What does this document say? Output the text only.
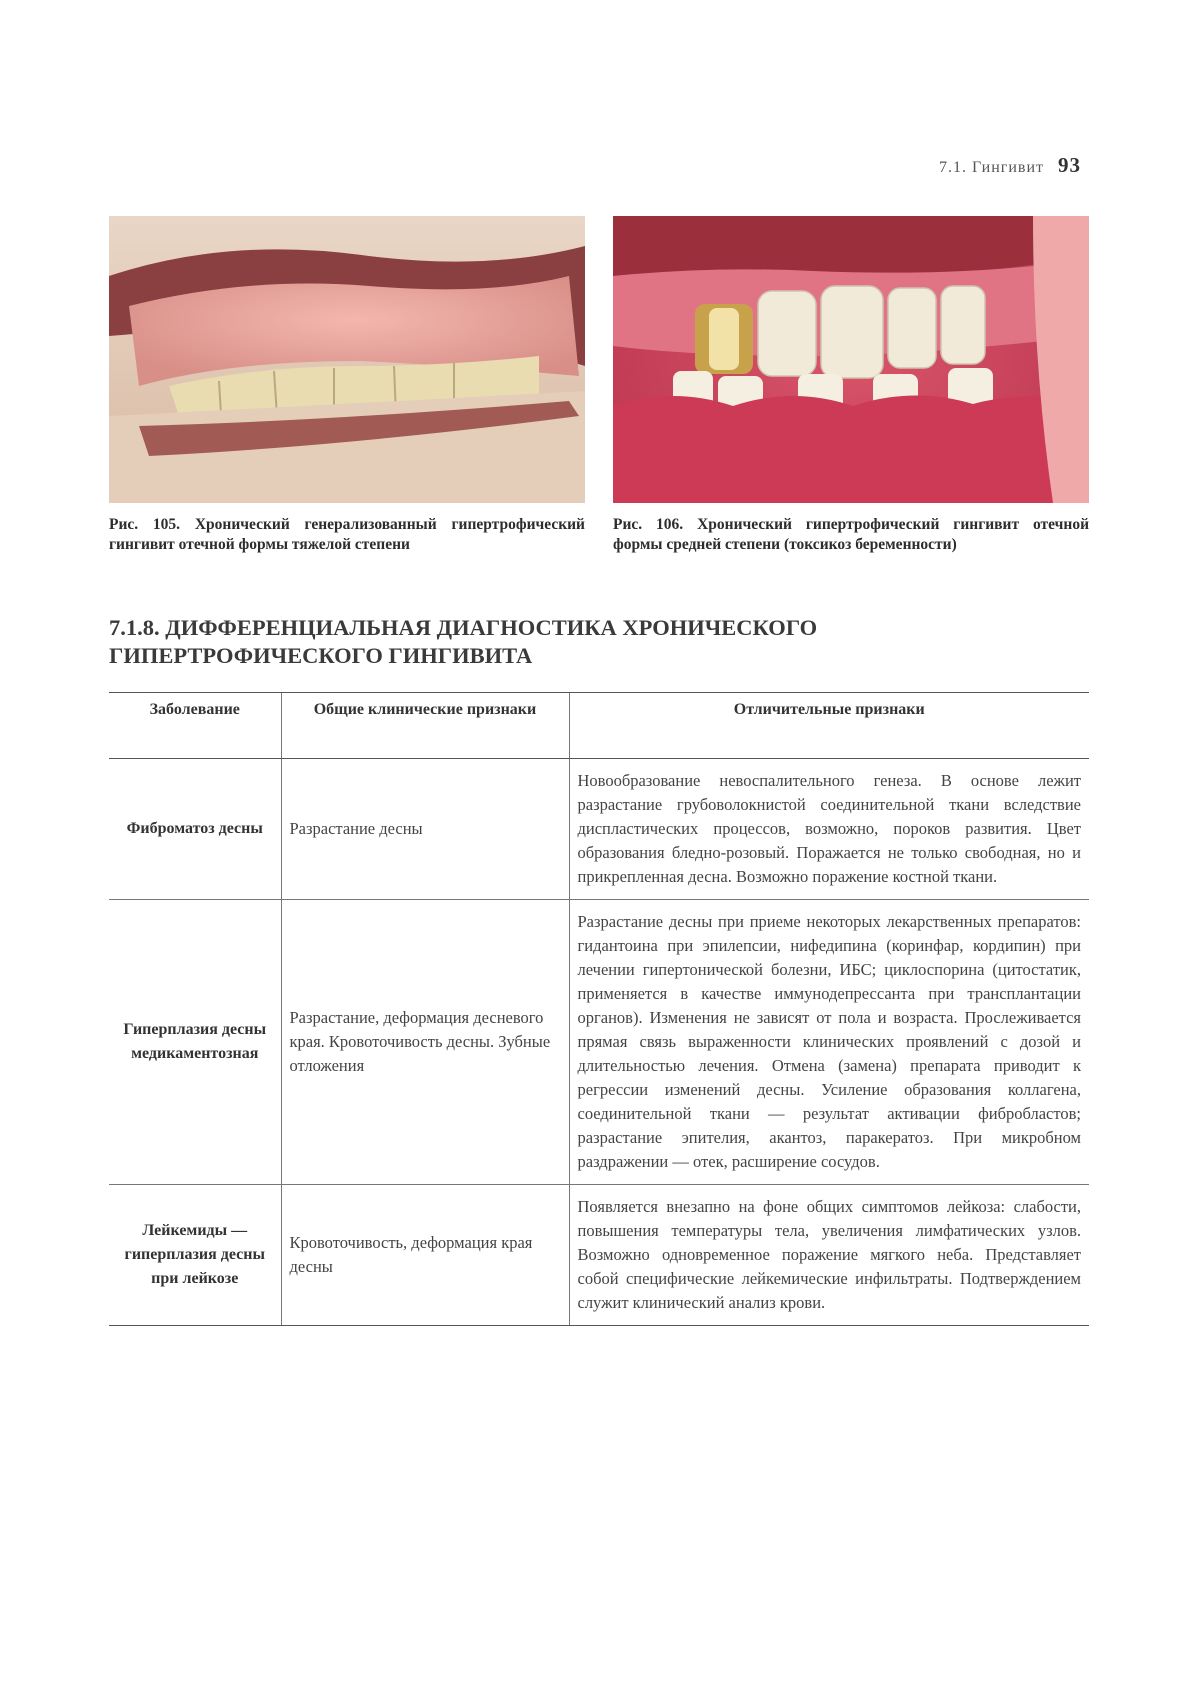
7.1. Гингивит 93
Рис. 105. Хронический генерализованный гипертрофический гингивит отечной формы тяжелой степени
Рис. 106. Хронический гипертрофический гингивит отечной формы средней степени (токсикоз беременности)
7.1.8. ДИФФЕРЕНЦИАЛЬНАЯ ДИАГНОСТИКА ХРОНИЧЕСКОГО ГИПЕРТРОФИЧЕСКОГО ГИНГИВИТА
Заболевание	Общие клинические признаки	Отличительные признаки
Фиброматоз десны	Разрастание десны	Новообразование невоспалительного генеза. В основе лежит разрастание грубоволокнистой соединительной ткани вследствие диспластических процессов, возможно, пороков развития. Цвет образования бледно-розовый. Поражается не только свободная, но и прикрепленная десна. Возможно поражение костной ткани.
Гиперплазия десны медикаментозная	Разрастание, деформация десневого края. Кровоточивость десны. Зубные отложения	Разрастание десны при приеме некоторых лекарственных препаратов: гидантоина при эпилепсии, нифедипина (коринфар, кордипин) при лечении гипертонической болезни, ИБС; циклоспорина (цитостатик, применяется в качестве иммунодепрессанта при трансплантации органов). Изменения не зависят от пола и возраста. Прослеживается прямая связь выраженности клинических проявлений с дозой и длительностью лечения. Отмена (замена) препарата приводит к регрессии изменений десны. Усиление образования коллагена, соединительной ткани — результат активации фибробластов; разрастание эпителия, акантоз, паракератоз. При микробном раздражении — отек, расширение сосудов.
Лейкемиды — гиперплазия десны при лейкозе	Кровоточивость, деформация края десны	Появляется внезапно на фоне общих симптомов лейкоза: слабости, повышения температуры тела, увеличения лимфатических узлов. Возможно одновременное поражение мягкого неба. Представляет собой специфические лейкемические инфильтраты. Подтверждением служит клинический анализ крови.
